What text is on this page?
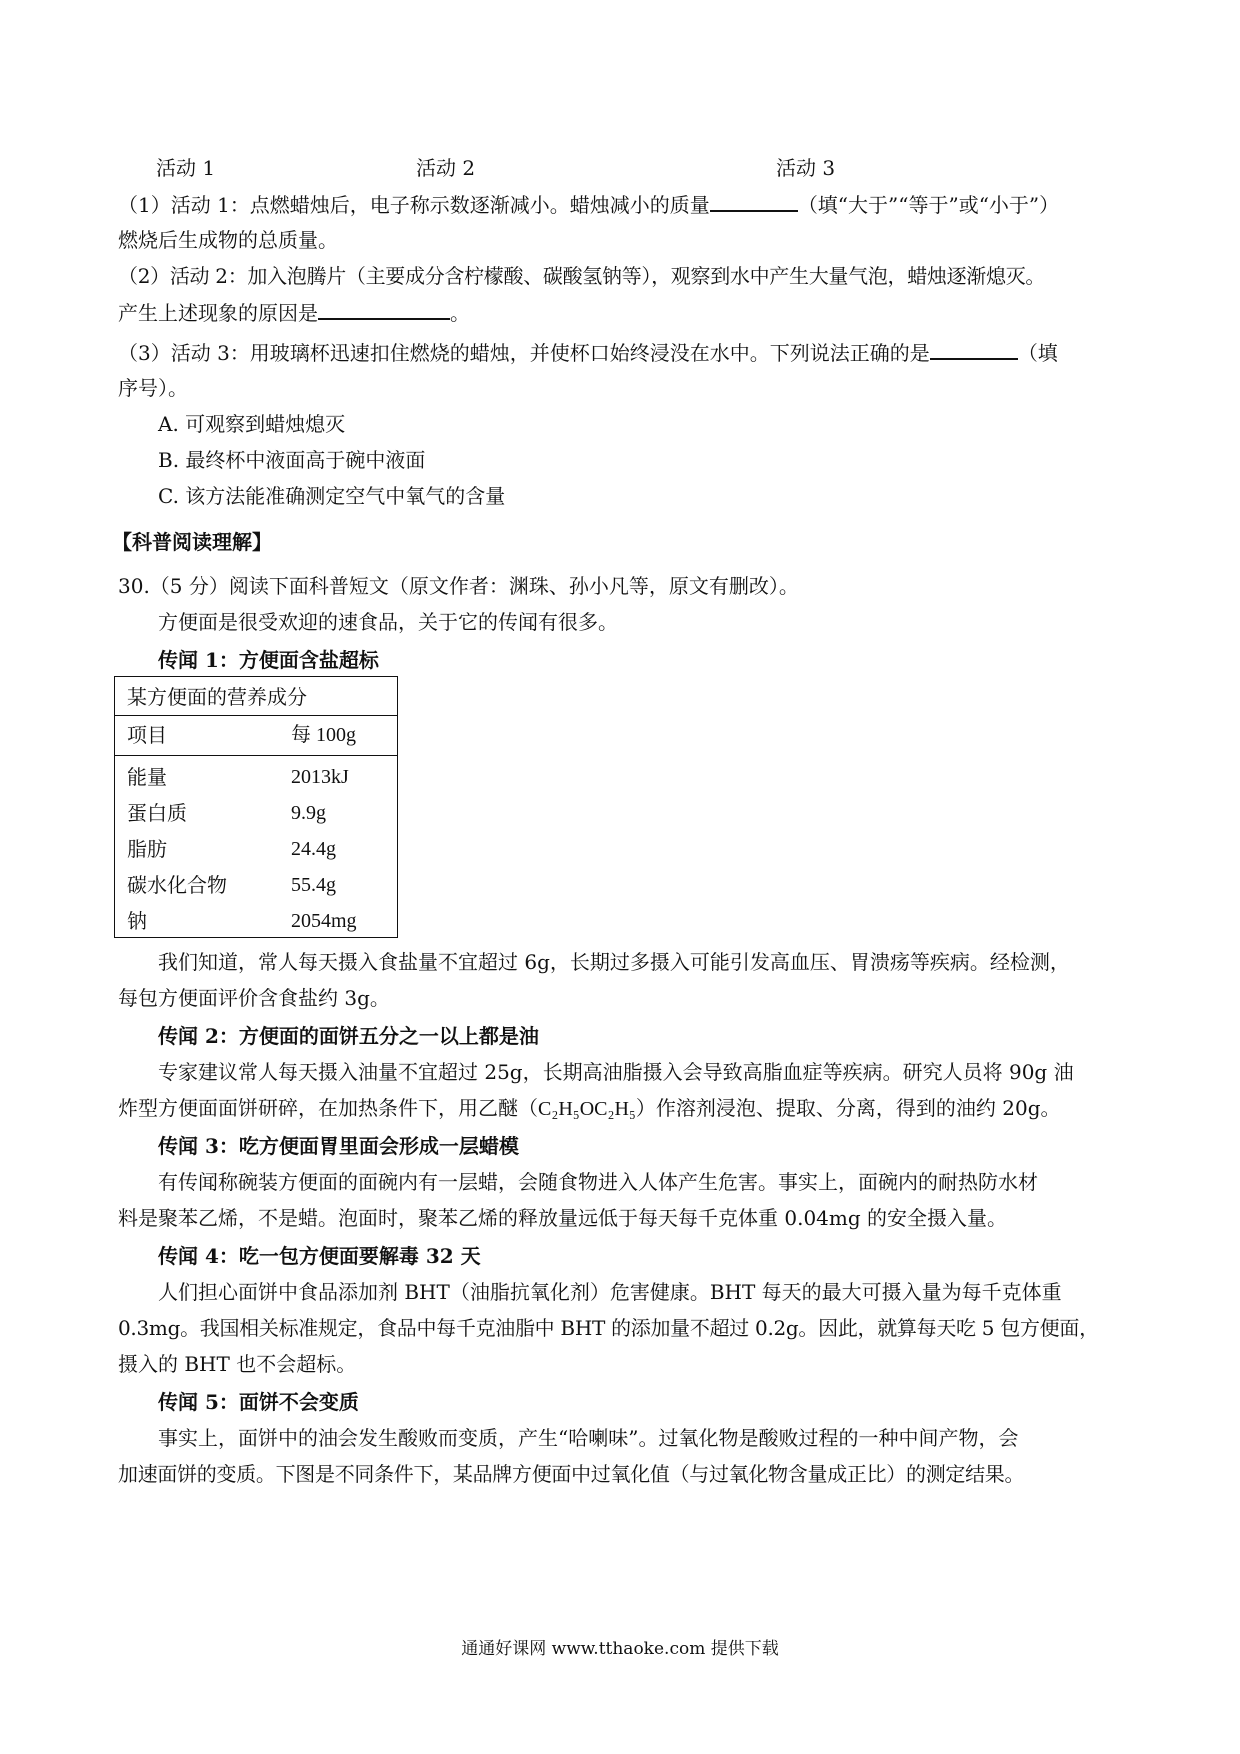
活动 1	活动 2	活动 3
（1）活动 1：点燃蜡烛后，电子称示数逐渐减小。蜡烛减小的质量	（填“大于”“等于”或“小于”）
燃烧后生成物的总质量。
（2）活动 2：加入泡腾片（主要成分含柠檬酸、碳酸氢钠等），观察到水中产生大量气泡，蜡烛逐渐熄灭。
产生上述现象的原因是	。
（3）活动 3：用玻璃杯迅速扣住燃烧的蜡烛，并使杯口始终浸没在水中。下列说法正确的是	（填
序号）。
A. 可观察到蜡烛熄灭
B. 最终杯中液面高于碗中液面
C. 该方法能准确测定空气中氧气的含量
【科普阅读理解】
30.（5 分）阅读下面科普短文（原文作者：渊珠、孙小凡等，原文有删改）。
方便面是很受欢迎的速食品，关于它的传闻有很多。
传闻 1：方便面含盐超标
某方便面的营养成分
项目	每 100g
能量	2013kJ
蛋白质	9.9g
脂肪	24.4g
碳水化合物	55.4g
钠	2054mg
我们知道，常人每天摄入食盐量不宜超过 6g，长期过多摄入可能引发高血压、胃溃疡等疾病。经检测，
每包方便面评价含食盐约 3g。
传闻 2：方便面的面饼五分之一以上都是油
专家建议常人每天摄入油量不宜超过 25g，长期高油脂摄入会导致高脂血症等疾病。研究人员将 90g 油
炸型方便面面饼研碎，在加热条件下，用乙醚（C₂H₅OC₂H₅）作溶剂浸泡、提取、分离，得到的油约 20g。
传闻 3：吃方便面胃里面会形成一层蜡模
有传闻称碗装方便面的面碗内有一层蜡，会随食物进入人体产生危害。事实上，面碗内的耐热防水材
料是聚苯乙烯，不是蜡。泡面时，聚苯乙烯的释放量远低于每天每千克体重 0.04mg 的安全摄入量。
传闻 4：吃一包方便面要解毒 32 天
人们担心面饼中食品添加剂 BHT（油脂抗氧化剂）危害健康。BHT 每天的最大可摄入量为每千克体重
0.3mg。我国相关标准规定，食品中每千克油脂中 BHT 的添加量不超过 0.2g。因此，就算每天吃 5 包方便面，
摄入的 BHT 也不会超标。
传闻 5：面饼不会变质
事实上，面饼中的油会发生酸败而变质，产生“哈喇味”。过氧化物是酸败过程的一种中间产物，会
加速面饼的变质。下图是不同条件下，某品牌方便面中过氧化值（与过氧化物含量成正比）的测定结果。
通通好课网 www.tthaoke.com 提供下载
